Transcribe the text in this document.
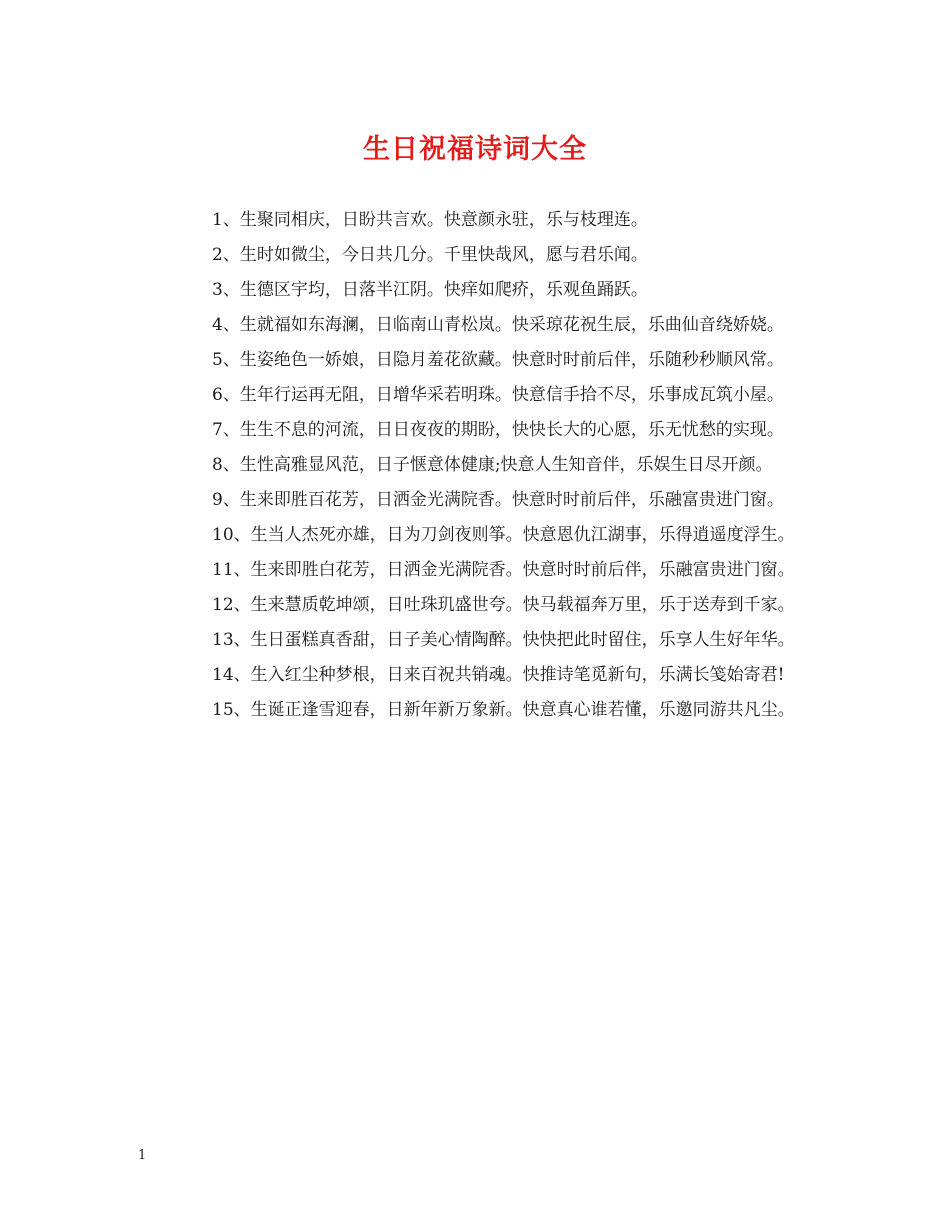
生日祝福诗词大全

1、生聚同相庆，日盼共言欢。快意颜永驻，乐与枝理连。

2、生时如微尘，今日共几分。千里快哉风，愿与君乐闻。

3、生德区宇均，日落半江阴。快痒如爬疥，乐观鱼踊跃。

4、生就福如东海澜，日临南山青松岚。快采琼花祝生辰，乐曲仙音绕娇娆。

5、生姿绝色一娇娘，日隐月羞花欲藏。快意时时前后伴，乐随秒秒顺风常。

6、生年行运再无阻，日增华采若明珠。快意信手拾不尽，乐事成瓦筑小屋。

7、生生不息的河流，日日夜夜的期盼，快快长大的心愿，乐无忧愁的实现。

8、生性高雅显风范，日子惬意体健康;快意人生知音伴，乐娱生日尽开颜。

9、生来即胜百花芳，日洒金光满院香。快意时时前后伴，乐融富贵进门窗。

10、生当人杰死亦雄，日为刀剑夜则筝。快意恩仇江湖事，乐得逍遥度浮生。

11、生来即胜白花芳，日洒金光满院香。快意时时前后伴，乐融富贵进门窗。

12、生来慧质乾坤颂，日吐珠玑盛世夸。快马载福奔万里，乐于送寿到千家。

13、生日蛋糕真香甜，日子美心情陶醉。快快把此时留住，乐享人生好年华。

14、生入红尘种梦根，日来百祝共销魂。快推诗笔觅新句，乐满长笺始寄君!

15、生诞正逢雪迎春，日新年新万象新。快意真心谁若懂，乐邀同游共凡尘。

1
